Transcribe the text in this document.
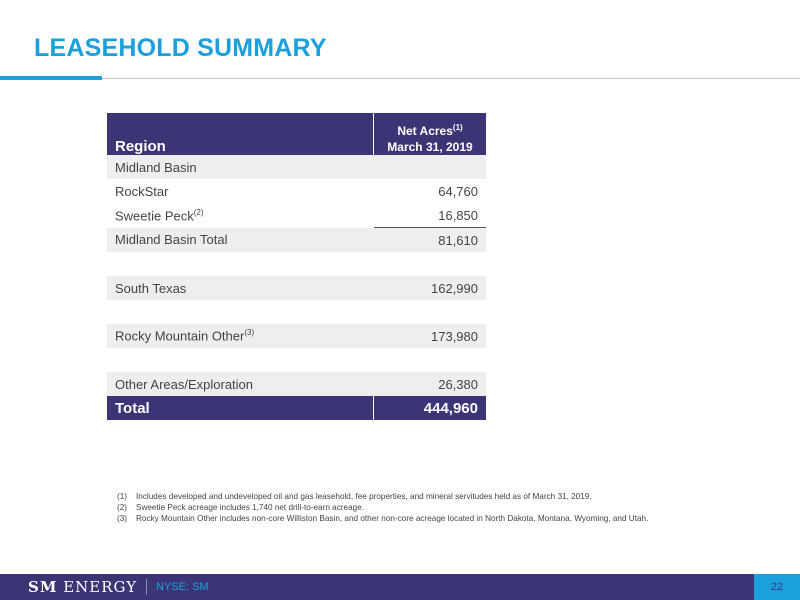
LEASEHOLD SUMMARY
Region	Net Acres$^{(1)}$
March 31, 2019
Midland Basin	
RockStar	64,760
Sweetie Peck$^{(2)}$	16,850
Midland Basin Total	81,610

South Texas	162,990

Rocky Mountain Other$^{(3)}$	173,980

Other Areas/Exploration	26,380
Total	444,960
(1)	Includes developed and undeveloped oil and gas leasehold, fee properties, and mineral servitudes held as of March 31, 2019.
(2)	Sweetie Peck acreage includes 1,740 net drill-to-earn acreage.
(3)	Rocky Mountain Other includes non-core Williston Basin, and other non-core acreage located in North Dakota, Montana, Wyoming, and Utah.
SM ENERGY NYSE: SM	22
